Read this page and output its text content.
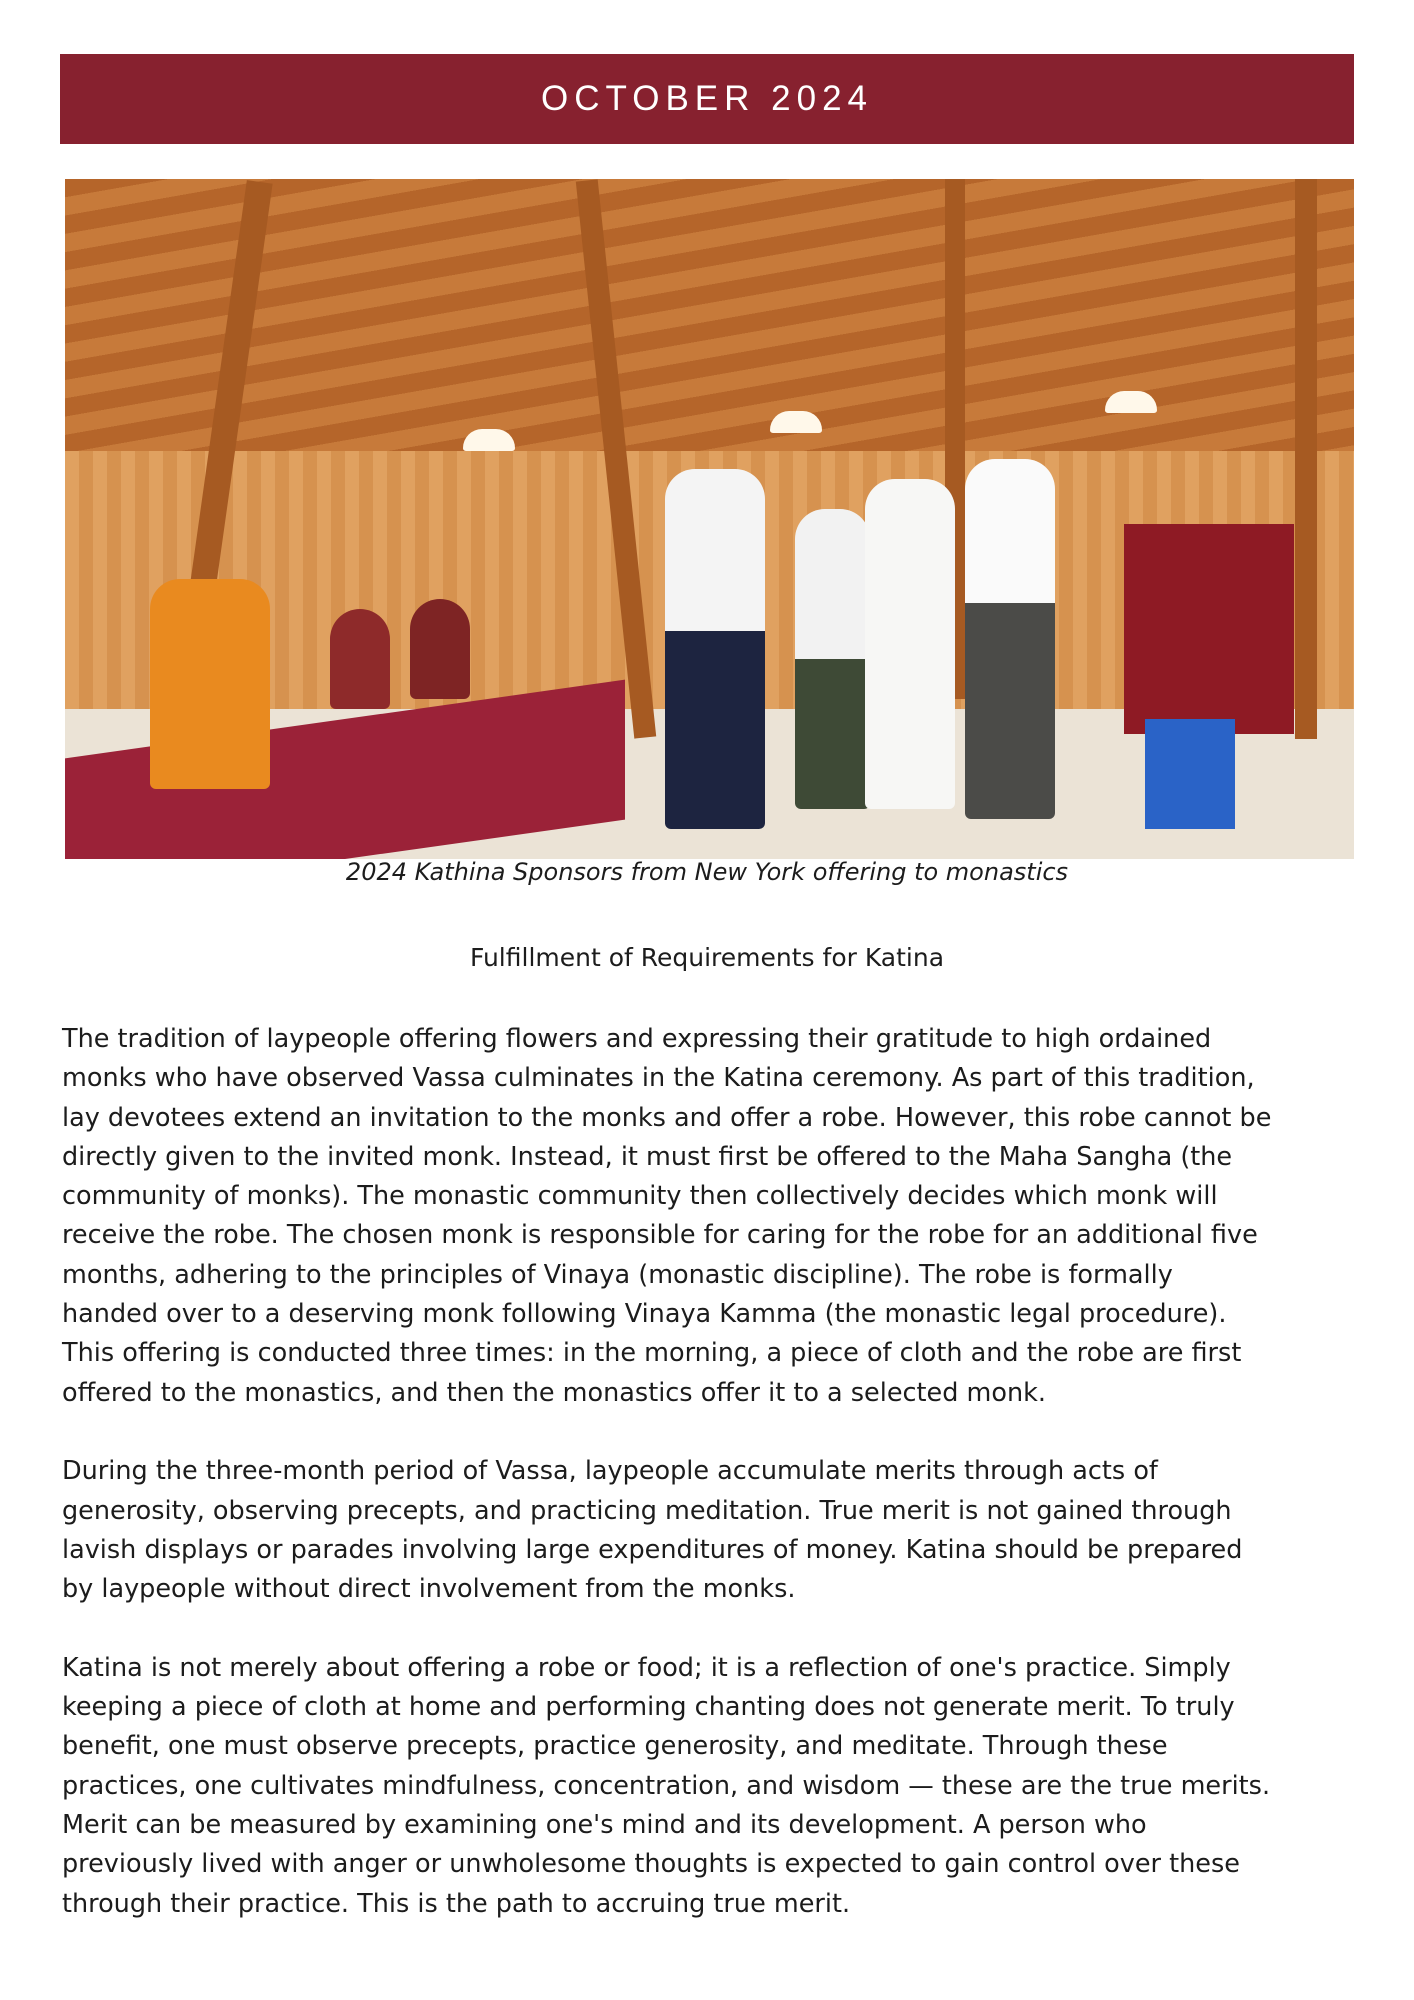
OCTOBER 2024
2024 Kathina Sponsors from New York offering to monastics
Fulfillment of Requirements for Katina
The tradition of laypeople offering flowers and expressing their gratitude to high ordained
monks who have observed Vassa culminates in the Katina ceremony. As part of this tradition,
lay devotees extend an invitation to the monks and offer a robe. However, this robe cannot be
directly given to the invited monk. Instead, it must first be offered to the Maha Sangha (the
community of monks). The monastic community then collectively decides which monk will
receive the robe. The chosen monk is responsible for caring for the robe for an additional five
months, adhering to the principles of Vinaya (monastic discipline). The robe is formally
handed over to a deserving monk following Vinaya Kamma (the monastic legal procedure).
This offering is conducted three times: in the morning, a piece of cloth and the robe are first
offered to the monastics, and then the monastics offer it to a selected monk.
During the three-month period of Vassa, laypeople accumulate merits through acts of
generosity, observing precepts, and practicing meditation. True merit is not gained through
lavish displays or parades involving large expenditures of money. Katina should be prepared
by laypeople without direct involvement from the monks.
Katina is not merely about offering a robe or food; it is a reflection of one's practice. Simply
keeping a piece of cloth at home and performing chanting does not generate merit. To truly
benefit, one must observe precepts, practice generosity, and meditate. Through these
practices, one cultivates mindfulness, concentration, and wisdom — these are the true merits.
Merit can be measured by examining one's mind and its development. A person who
previously lived with anger or unwholesome thoughts is expected to gain control over these
through their practice. This is the path to accruing true merit.
